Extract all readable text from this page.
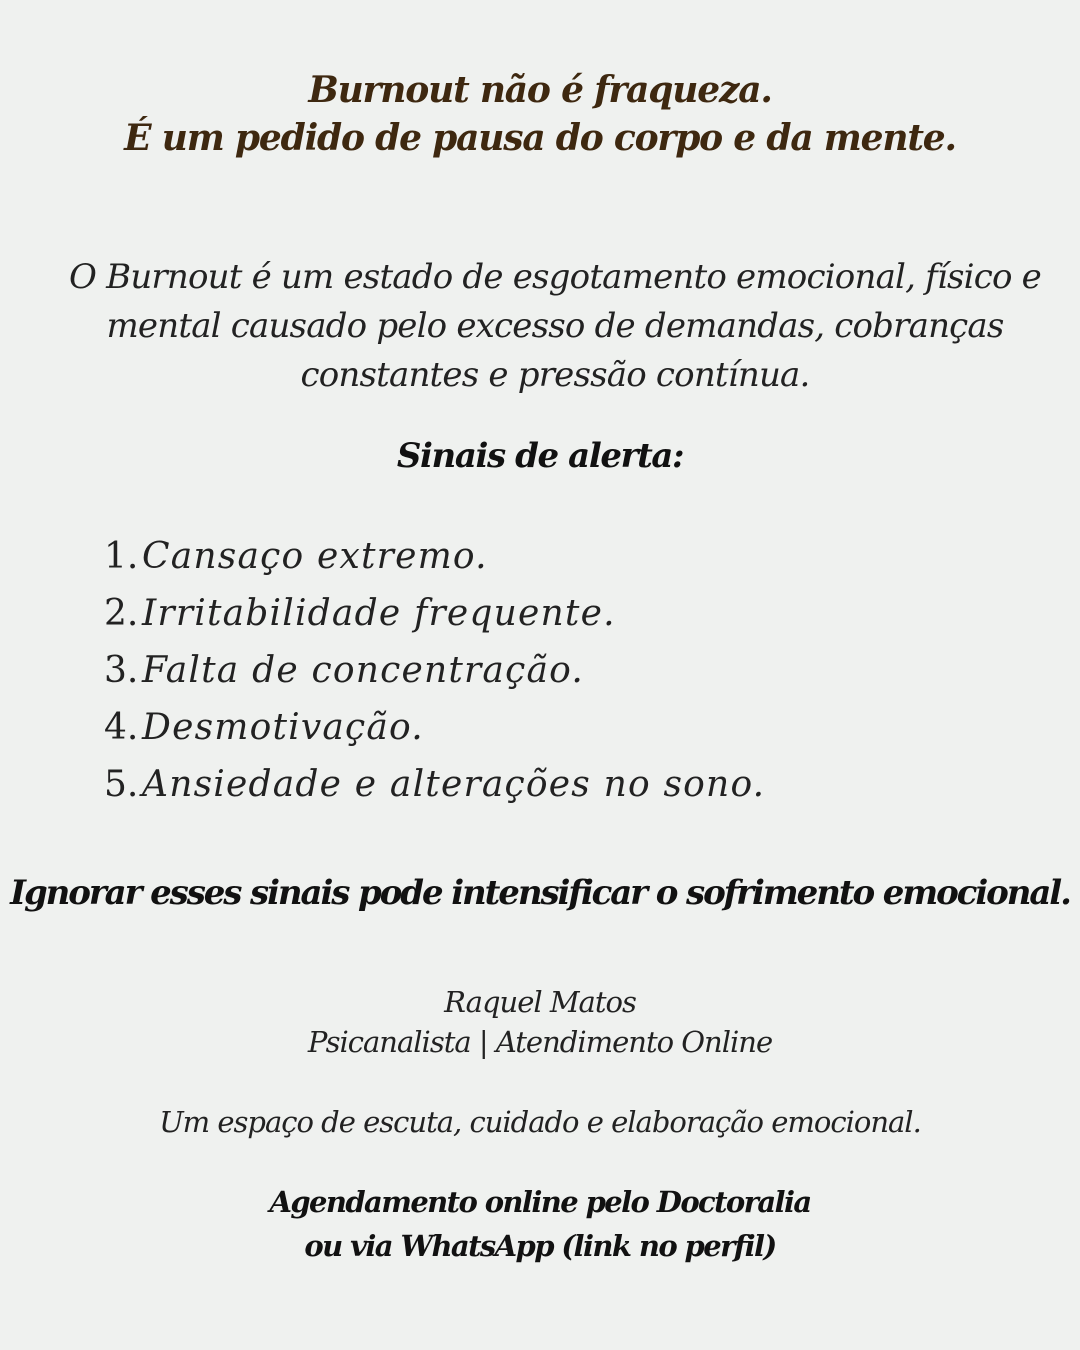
Burnout não é fraqueza.
É um pedido de pausa do corpo e da mente.
O Burnout é um estado de esgotamento emocional, físico e
mental causado pelo excesso de demandas, cobranças
constantes e pressão contínua.
Sinais de alerta:
1. Cansaço extremo.
2. Irritabilidade frequente.
3. Falta de concentração.
4. Desmotivação.
5. Ansiedade e alterações no sono.
Ignorar esses sinais pode intensificar o sofrimento emocional.
Raquel Matos
Psicanalista | Atendimento Online
Um espaço de escuta, cuidado e elaboração emocional.
Agendamento online pelo Doctoralia
ou via WhatsApp (link no perfil)
